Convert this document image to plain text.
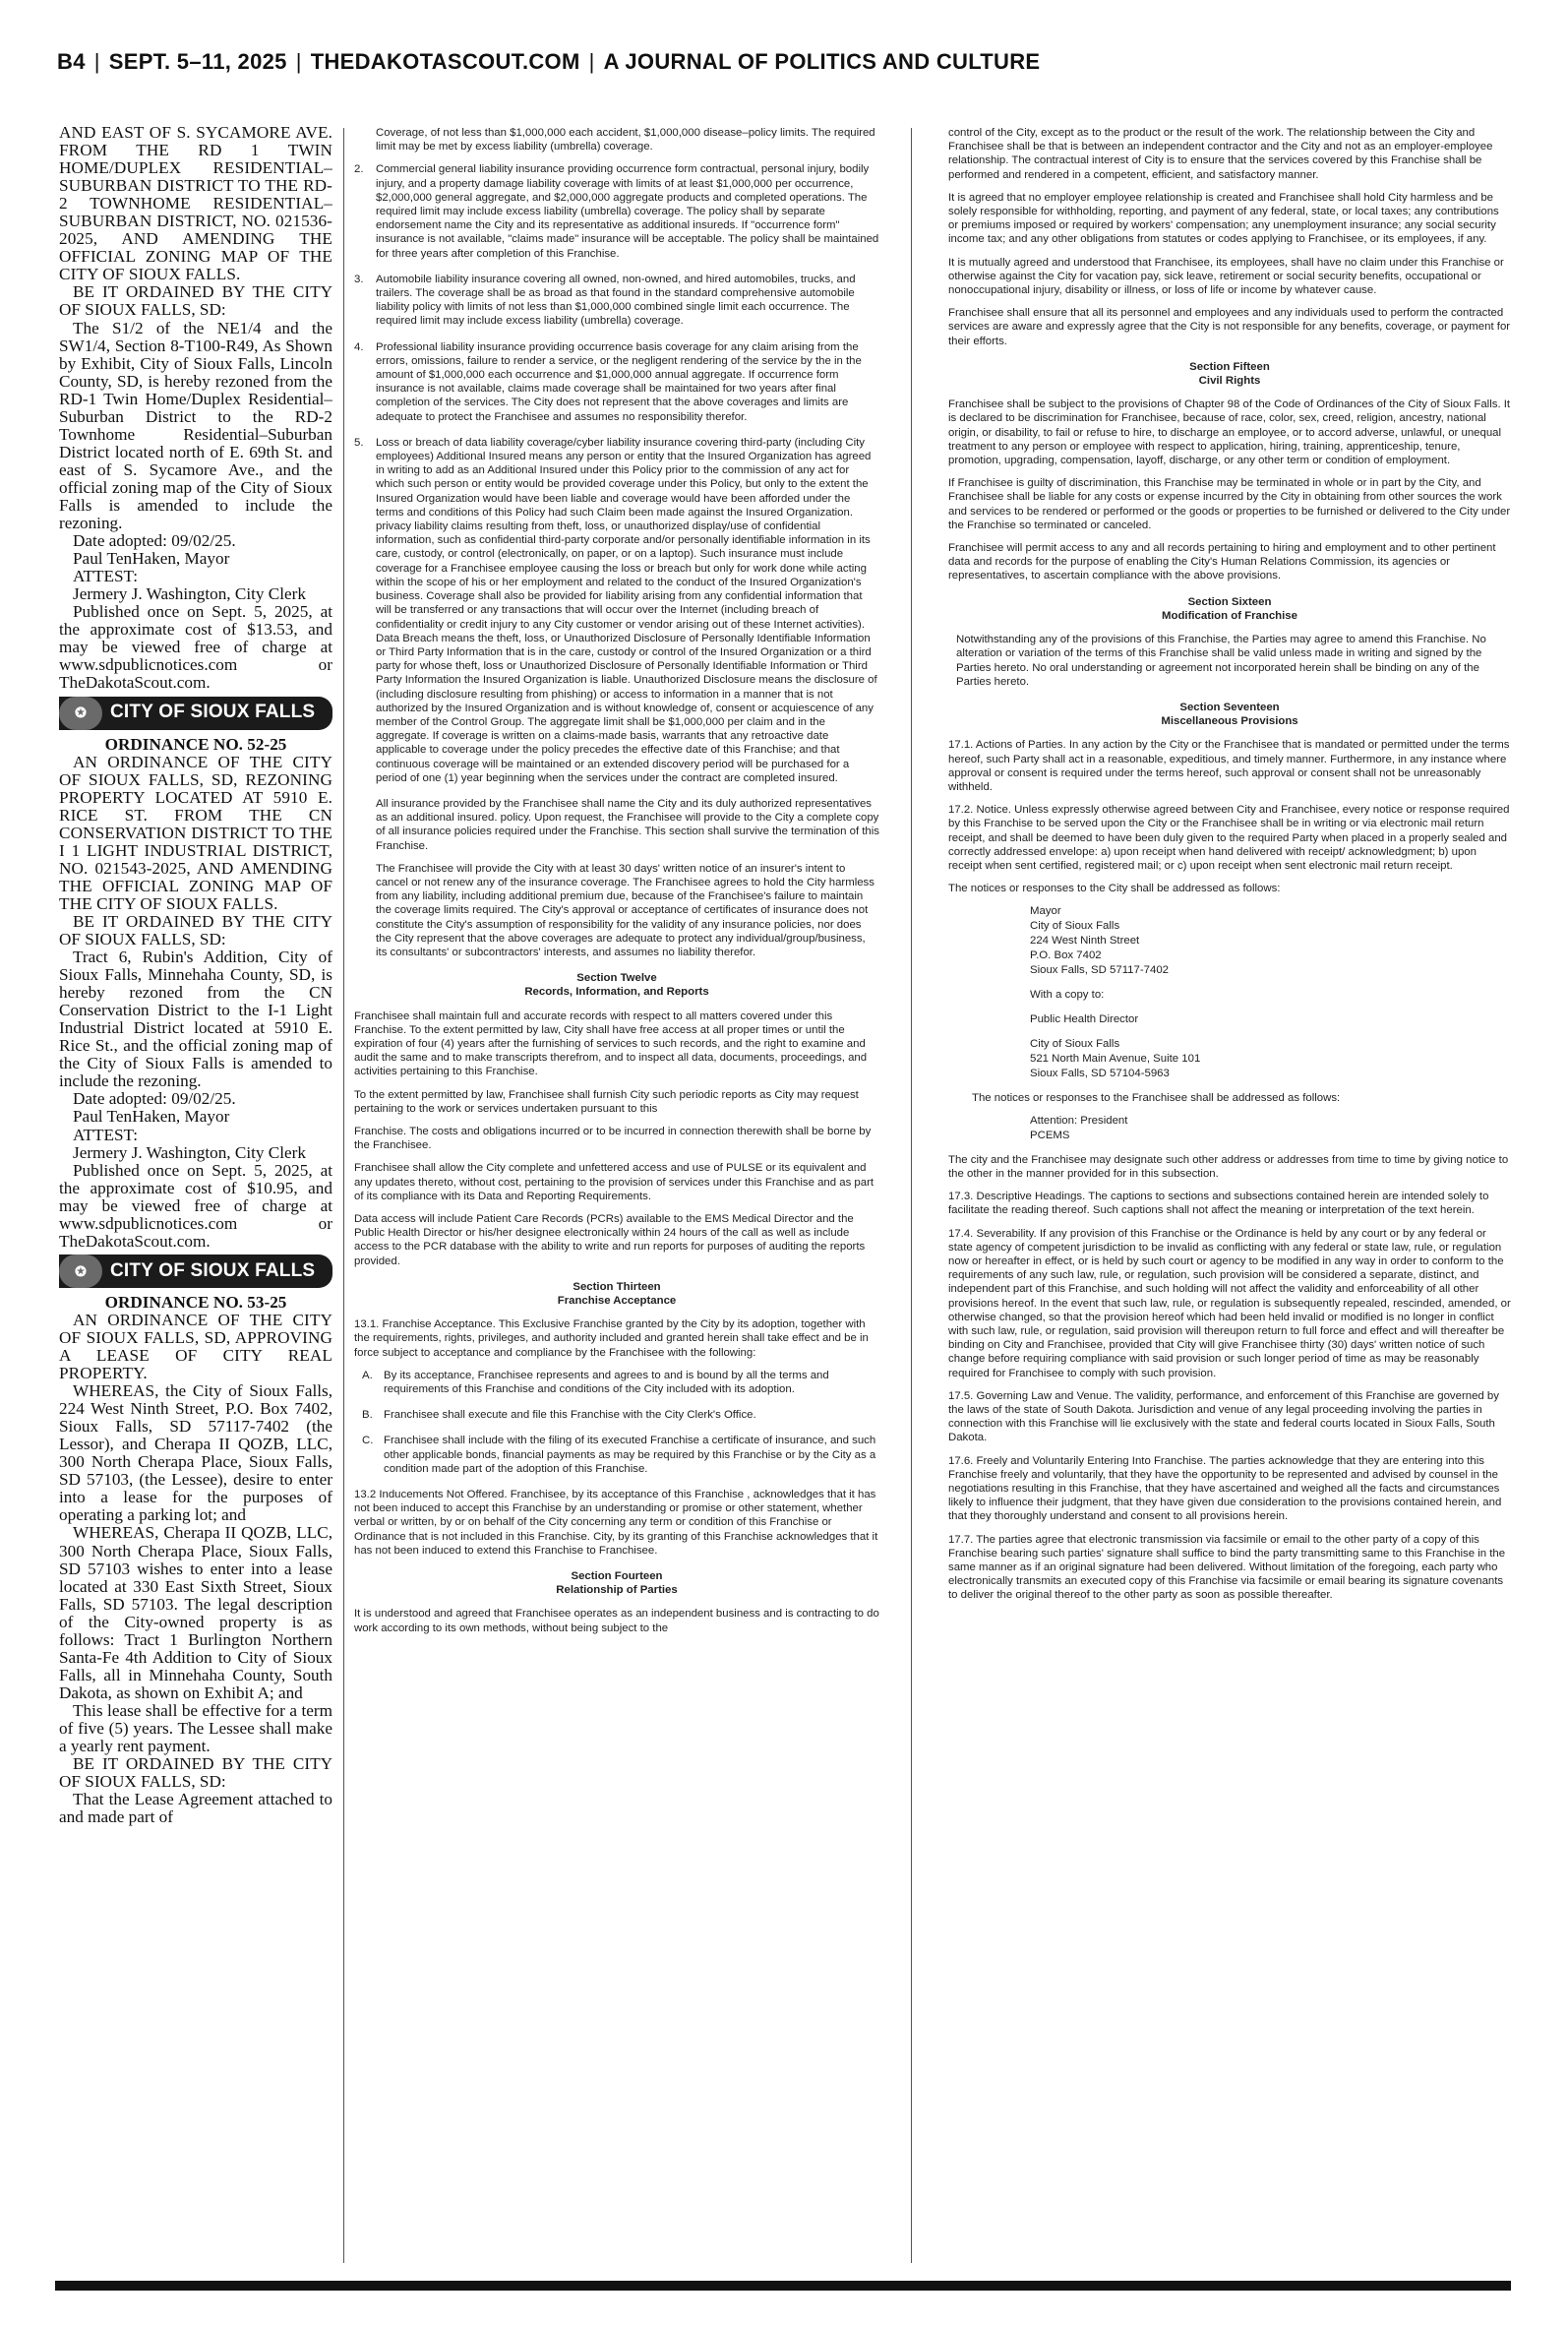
B4 | SEPT. 5–11, 2025 | THEDAKOTASCOUT.COM | A JOURNAL OF POLITICS AND CULTURE

AND EAST OF S. SYCAMORE AVE. FROM THE RD 1 TWIN HOME/DUPLEX RESIDENTIAL–SUBURBAN DISTRICT TO THE RD-2 TOWNHOME RESIDENTIAL–SUBURBAN DISTRICT, NO. 021536-2025, AND AMENDING THE OFFICIAL ZONING MAP OF THE CITY OF SIOUX FALLS.

BE IT ORDAINED BY THE CITY OF SIOUX FALLS, SD:

The S1/2 of the NE1/4 and the SW1/4, Section 8-T100-R49, As Shown by Exhibit, City of Sioux Falls, Lincoln County, SD, is hereby rezoned from the RD-1 Twin Home/Duplex Residential–Suburban District to the RD-2 Townhome Residential–Suburban District located north of E. 69th St. and east of S. Sycamore Ave., and the official zoning map of the City of Sioux Falls is amended to include the rezoning.

Date adopted: 09/02/25.

Paul TenHaken, Mayor

ATTEST:

Jermery J. Washington, City Clerk

Published once on Sept. 5, 2025, at the approximate cost of $13.53, and may be viewed free of charge at www.sdpublicnotices.com or TheDakotaScout.com.

✪	CITY OF SIOUX FALLS

ORDINANCE NO. 52-25

AN ORDINANCE OF THE CITY OF SIOUX FALLS, SD, REZONING PROPERTY LOCATED AT 5910 E. RICE ST. FROM THE CN CONSERVATION DISTRICT TO THE I 1 LIGHT INDUSTRIAL DISTRICT, NO. 021543-2025, AND AMENDING THE OFFICIAL ZONING MAP OF THE CITY OF SIOUX FALLS.

BE IT ORDAINED BY THE CITY OF SIOUX FALLS, SD:

Tract 6, Rubin's Addition, City of Sioux Falls, Minnehaha County, SD, is hereby rezoned from the CN Conservation District to the I-1 Light Industrial District located at 5910 E. Rice St., and the official zoning map of the City of Sioux Falls is amended to include the rezoning.

Date adopted: 09/02/25.

Paul TenHaken, Mayor

ATTEST:

Jermery J. Washington, City Clerk

Published once on Sept. 5, 2025, at the approximate cost of $10.95, and may be viewed free of charge at www.sdpublicnotices.com or TheDakotaScout.com.

✪	CITY OF SIOUX FALLS

ORDINANCE NO. 53-25

AN ORDINANCE OF THE CITY OF SIOUX FALLS, SD, APPROVING A LEASE OF CITY REAL PROPERTY.

WHEREAS, the City of Sioux Falls, 224 West Ninth Street, P.O. Box 7402, Sioux Falls, SD 57117-7402 (the Lessor), and Cherapa II QOZB, LLC, 300 North Cherapa Place, Sioux Falls, SD 57103, (the Lessee), desire to enter into a lease for the purposes of operating a parking lot; and

WHEREAS, Cherapa II QOZB, LLC, 300 North Cherapa Place, Sioux Falls, SD 57103 wishes to enter into a lease located at 330 East Sixth Street, Sioux Falls, SD 57103. The legal description of the City-owned property is as follows: Tract 1 Burlington Northern Santa-Fe 4th Addition to City of Sioux Falls, all in Minnehaha County, South Dakota, as shown on Exhibit A; and

This lease shall be effective for a term of five (5) years. The Lessee shall make a yearly rent payment.

BE IT ORDAINED BY THE CITY OF SIOUX FALLS, SD:

That the Lease Agreement attached to and made part of

Coverage, of not less than $1,000,000 each accident, $1,000,000 disease–policy limits. The required limit may be met by excess liability (umbrella) coverage.

2.	Commercial general liability insurance providing occurrence form contractual, personal injury, bodily injury, and a property damage liability coverage with limits of at least $1,000,000 per occurrence, $2,000,000 general aggregate, and $2,000,000 aggregate products and completed operations. The required limit may include excess liability (umbrella) coverage. The policy shall by separate endorsement name the City and its representative as additional insureds. If "occurrence form" insurance is not available, "claims made" insurance will be acceptable. The policy shall be maintained for three years after completion of this Franchise.
3.	Automobile liability insurance covering all owned, non-owned, and hired automobiles, trucks, and trailers. The coverage shall be as broad as that found in the standard comprehensive automobile liability policy with limits of not less than $1,000,000 combined single limit each occurrence. The required limit may include excess liability (umbrella) coverage.
4.	Professional liability insurance providing occurrence basis coverage for any claim arising from the errors, omissions, failure to render a service, or the negligent rendering of the service by the in the amount of $1,000,000 each occurrence and $1,000,000 annual aggregate. If occurrence form insurance is not available, claims made coverage shall be maintained for two years after final completion of the services. The City does not represent that the above coverages and limits are adequate to protect the Franchisee and assumes no responsibility therefor.
5.	Loss or breach of data liability coverage/cyber liability insurance covering third-party (including City employees) Additional Insured means any person or entity that the Insured Organization has agreed in writing to add as an Additional Insured under this Policy prior to the commission of any act for which such person or entity would be provided coverage under this Policy, but only to the extent the Insured Organization would have been liable and coverage would have been afforded under the terms and conditions of this Policy had such Claim been made against the Insured Organization. privacy liability claims resulting from theft, loss, or unauthorized display/use of confidential information, such as confidential third-party corporate and/or personally identifiable information in its care, custody, or control (electronically, on paper, or on a laptop). Such insurance must include coverage for a Franchisee employee causing the loss or breach but only for work done while acting within the scope of his or her employment and related to the conduct of the Insured Organization's business. Coverage shall also be provided for liability arising from any confidential information that will be transferred or any transactions that will occur over the Internet (including breach of confidentiality or credit injury to any City customer or vendor arising out of these Internet activities). Data Breach means the theft, loss, or Unauthorized Disclosure of Personally Identifiable Information or Third Party Information that is in the care, custody or control of the Insured Organization or a third party for whose theft, loss or Unauthorized Disclosure of Personally Identifiable Information or Third Party Information the Insured Organization is liable. Unauthorized Disclosure means the disclosure of (including disclosure resulting from phishing) or access to information in a manner that is not authorized by the Insured Organization and is without knowledge of, consent or acquiescence of any member of the Control Group. The aggregate limit shall be $1,000,000 per claim and in the aggregate. If coverage is written on a claims-made basis, warrants that any retroactive date applicable to coverage under the policy precedes the effective date of this Franchise; and that continuous coverage will be maintained or an extended discovery period will be purchased for a period of one (1) year beginning when the services under the contract are completed insured.

All insurance provided by the Franchisee shall name the City and its duly authorized representatives as an additional insured. policy. Upon request, the Franchisee will provide to the City a complete copy of all insurance policies required under the Franchise. This section shall survive the termination of this Franchise.

The Franchisee will provide the City with at least 30 days' written notice of an insurer's intent to cancel or not renew any of the insurance coverage. The Franchisee agrees to hold the City harmless from any liability, including additional premium due, because of the Franchisee's failure to maintain the coverage limits required. The City's approval or acceptance of certificates of insurance does not constitute the City's assumption of responsibility for the validity of any insurance policies, nor does the City represent that the above coverages are adequate to protect any individual/group/business, its consultants' or subcontractors' interests, and assumes no liability therefor.

Section Twelve
Records, Information, and Reports

Franchisee shall maintain full and accurate records with respect to all matters covered under this Franchise. To the extent permitted by law, City shall have free access at all proper times or until the expiration of four (4) years after the furnishing of services to such records, and the right to examine and audit the same and to make transcripts therefrom, and to inspect all data, documents, proceedings, and activities pertaining to this Franchise.

To the extent permitted by law, Franchisee shall furnish City such periodic reports as City may request pertaining to the work or services undertaken pursuant to this

Franchise. The costs and obligations incurred or to be incurred in connection therewith shall be borne by the Franchisee.

Franchisee shall allow the City complete and unfettered access and use of PULSE or its equivalent and any updates thereto, without cost, pertaining to the provision of services under this Franchise and as part of its compliance with its Data and Reporting Requirements.

Data access will include Patient Care Records (PCRs) available to the EMS Medical Director and the Public Health Director or his/her designee electronically within 24 hours of the call as well as include access to the PCR database with the ability to write and run reports for purposes of auditing the reports provided.

Section Thirteen
Franchise Acceptance

13.1. Franchise Acceptance. This Exclusive Franchise granted by the City by its adoption, together with the requirements, rights, privileges, and authority included and granted herein shall take effect and be in force subject to acceptance and compliance by the Franchisee with the following:

A. By its acceptance, Franchisee represents and agrees to and is bound by all the terms and requirements of this Franchise and conditions of the City included with its adoption.
B. Franchisee shall execute and file this Franchise with the City Clerk's Office.
C. Franchisee shall include with the filing of its executed Franchise a certificate of insurance, and such other applicable bonds, financial payments as may be required by this Franchise or by the City as a condition made part of the adoption of this Franchise.

13.2 Inducements Not Offered. Franchisee, by its acceptance of this Franchise , acknowledges that it has not been induced to accept this Franchise by an understanding or promise or other statement, whether verbal or written, by or on behalf of the City concerning any term or condition of this Franchise or Ordinance that is not included in this Franchise. City, by its granting of this Franchise acknowledges that it has not been induced to extend this Franchise to Franchisee.

Section Fourteen
Relationship of Parties

It is understood and agreed that Franchisee operates as an independent business and is contracting to do work according to its own methods, without being subject to the

control of the City, except as to the product or the result of the work. The relationship between the City and Franchisee shall be that is between an independent contractor and the City and not as an employer-employee relationship. The contractual interest of City is to ensure that the services covered by this Franchise shall be performed and rendered in a competent, efficient, and satisfactory manner.

It is agreed that no employer employee relationship is created and Franchisee shall hold City harmless and be solely responsible for withholding, reporting, and payment of any federal, state, or local taxes; any contributions or premiums imposed or required by workers' compensation; any unemployment insurance; any social security income tax; and any other obligations from statutes or codes applying to Franchisee, or its employees, if any.

It is mutually agreed and understood that Franchisee, its employees, shall have no claim under this Franchise or otherwise against the City for vacation pay, sick leave, retirement or social security benefits, occupational or nonoccupational injury, disability or illness, or loss of life or income by whatever cause.

Franchisee shall ensure that all its personnel and employees and any individuals used to perform the contracted services are aware and expressly agree that the City is not responsible for any benefits, coverage, or payment for their efforts.

Section Fifteen
Civil Rights

Franchisee shall be subject to the provisions of Chapter 98 of the Code of Ordinances of the City of Sioux Falls. It is declared to be discrimination for Franchisee, because of race, color, sex, creed, religion, ancestry, national origin, or disability, to fail or refuse to hire, to discharge an employee, or to accord adverse, unlawful, or unequal treatment to any person or employee with respect to application, hiring, training, apprenticeship, tenure, promotion, upgrading, compensation, layoff, discharge, or any other term or condition of employment.

If Franchisee is guilty of discrimination, this Franchise may be terminated in whole or in part by the City, and Franchisee shall be liable for any costs or expense incurred by the City in obtaining from other sources the work and services to be rendered or performed or the goods or properties to be furnished or delivered to the City under the Franchise so terminated or canceled.

Franchisee will permit access to any and all records pertaining to hiring and employment and to other pertinent data and records for the purpose of enabling the City's Human Relations Commission, its agencies or representatives, to ascertain compliance with the above provisions.

Section Sixteen
Modification of Franchise

Notwithstanding any of the provisions of this Franchise, the Parties may agree to amend this Franchise. No alteration or variation of the terms of this Franchise shall be valid unless made in writing and signed by the Parties hereto. No oral understanding or agreement not incorporated herein shall be binding on any of the Parties hereto.

Section Seventeen
Miscellaneous Provisions

17.1. Actions of Parties. In any action by the City or the Franchisee that is mandated or permitted under the terms hereof, such Party shall act in a reasonable, expeditious, and timely manner. Furthermore, in any instance where approval or consent is required under the terms hereof, such approval or consent shall not be unreasonably withheld.

17.2. Notice. Unless expressly otherwise agreed between City and Franchisee, every notice or response required by this Franchise to be served upon the City or the Franchisee shall be in writing or via electronic mail return receipt, and shall be deemed to have been duly given to the required Party when placed in a properly sealed and correctly addressed envelope: a) upon receipt when hand delivered with receipt/ acknowledgment; b) upon receipt when sent certified, registered mail; or c) upon receipt when sent electronic mail return receipt.

The notices or responses to the City shall be addressed as follows:

Mayor
City of Sioux Falls
224 West Ninth Street
P.O. Box 7402
Sioux Falls, SD 57117-7402

With a copy to:

Public Health Director
City of Sioux Falls
521 North Main Avenue, Suite 101
Sioux Falls, SD 57104-5963

The notices or responses to the Franchisee shall be addressed as follows:

Attention: President
PCEMS

The city and the Franchisee may designate such other address or addresses from time to time by giving notice to the other in the manner provided for in this subsection.

17.3. Descriptive Headings. The captions to sections and subsections contained herein are intended solely to facilitate the reading thereof. Such captions shall not affect the meaning or interpretation of the text herein.

17.4. Severability. If any provision of this Franchise or the Ordinance is held by any court or by any federal or state agency of competent jurisdiction to be invalid as conflicting with any federal or state law, rule, or regulation now or hereafter in effect, or is held by such court or agency to be modified in any way in order to conform to the requirements of any such law, rule, or regulation, such provision will be considered a separate, distinct, and independent part of this Franchise, and such holding will not affect the validity and enforceability of all other provisions hereof. In the event that such law, rule, or regulation is subsequently repealed, rescinded, amended, or otherwise changed, so that the provision hereof which had been held invalid or modified is no longer in conflict with such law, rule, or regulation, said provision will thereupon return to full force and effect and will thereafter be binding on City and Franchisee, provided that City will give Franchisee thirty (30) days' written notice of such change before requiring compliance with said provision or such longer period of time as may be reasonably required for Franchisee to comply with such provision.

17.5. Governing Law and Venue. The validity, performance, and enforcement of this Franchise are governed by the laws of the state of South Dakota. Jurisdiction and venue of any legal proceeding involving the parties in connection with this Franchise will lie exclusively with the state and federal courts located in Sioux Falls, South Dakota.

17.6. Freely and Voluntarily Entering Into Franchise. The parties acknowledge that they are entering into this Franchise freely and voluntarily, that they have the opportunity to be represented and advised by counsel in the negotiations resulting in this Franchise, that they have ascertained and weighed all the facts and circumstances likely to influence their judgment, that they have given due consideration to the provisions contained herein, and that they thoroughly understand and consent to all provisions herein.

17.7. The parties agree that electronic transmission via facsimile or email to the other party of a copy of this Franchise bearing such parties' signature shall suffice to bind the party transmitting same to this Franchise in the same manner as if an original signature had been delivered. Without limitation of the foregoing, each party who electronically transmits an executed copy of this Franchise via facsimile or email bearing its signature covenants to deliver the original thereof to the other party as soon as possible thereafter.
